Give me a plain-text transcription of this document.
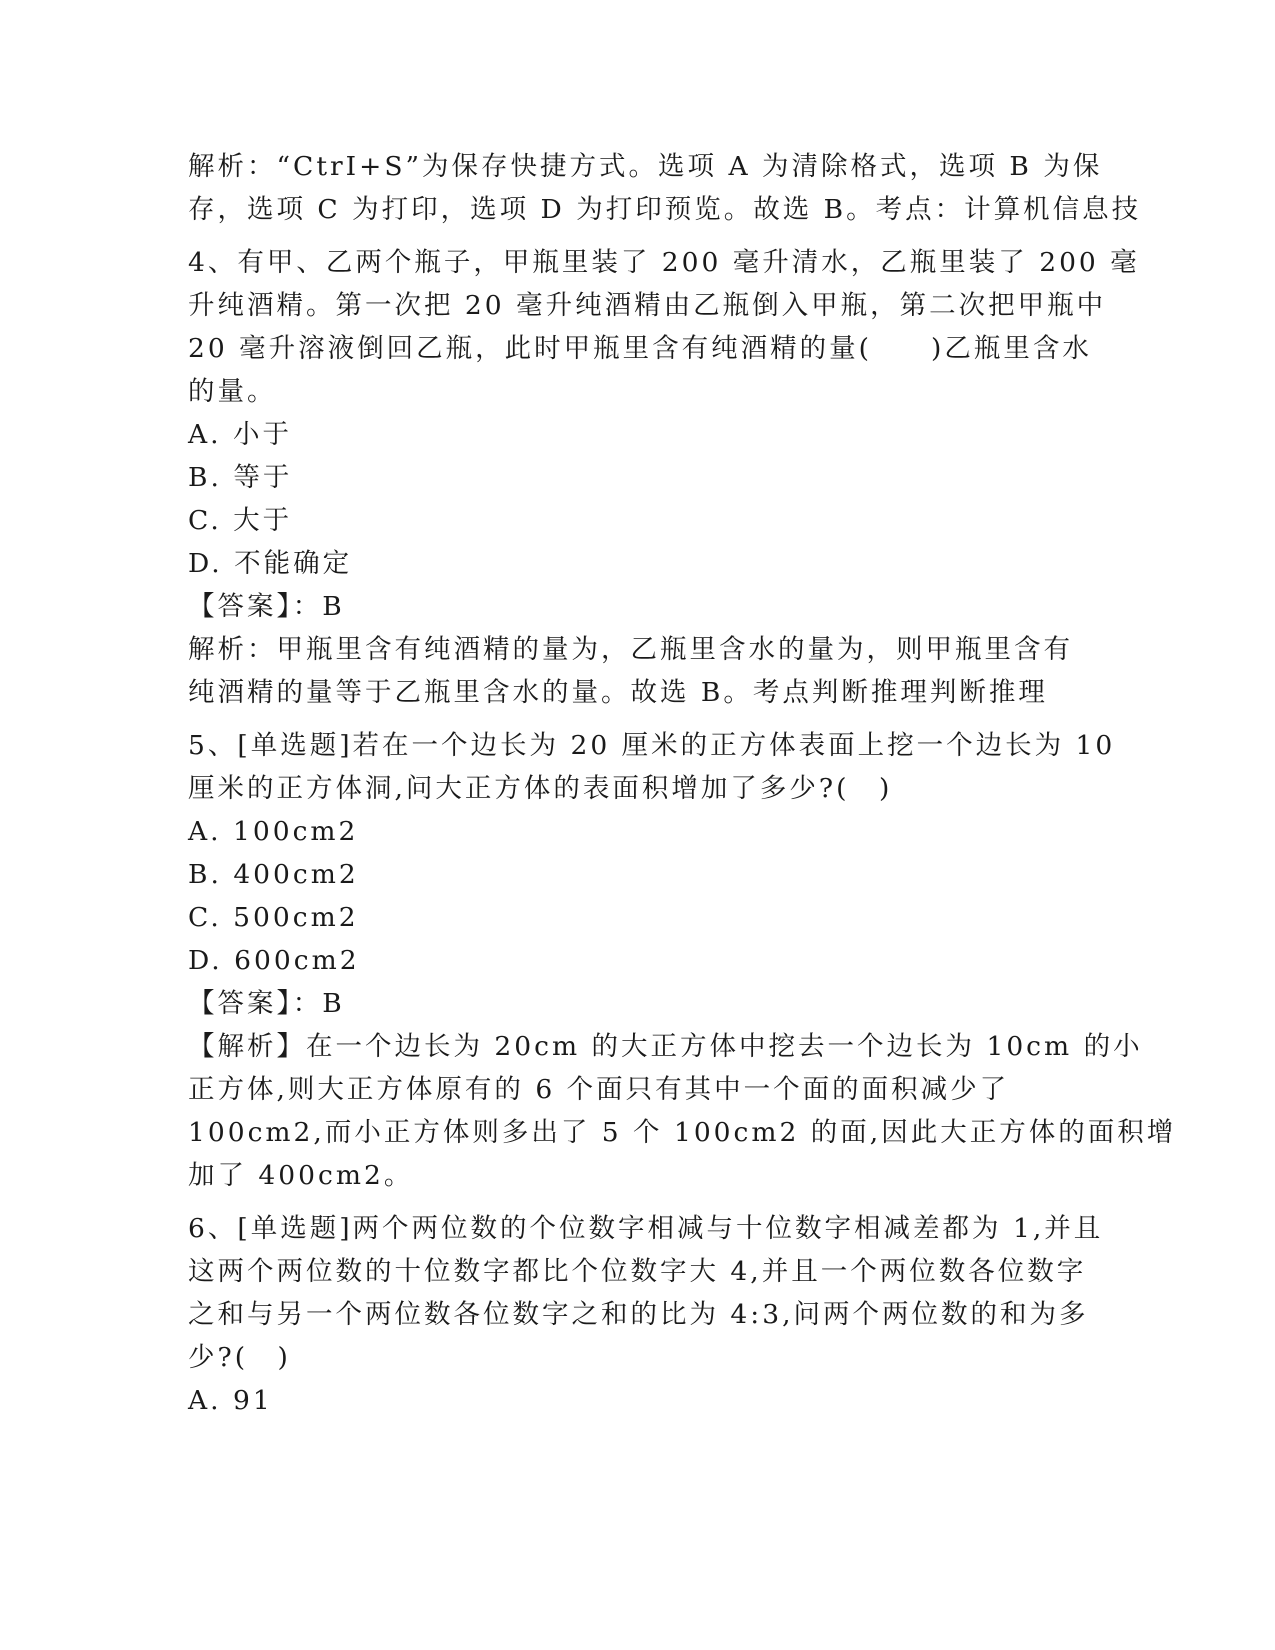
解析：“CtrI+S”为保存快捷方式。选项 A 为清除格式，选项 B 为保
存，选项 C 为打印，选项 D 为打印预览。故选 B。考点：计算机信息技
4、有甲、乙两个瓶子，甲瓶里装了 200 毫升清水，乙瓶里装了 200 毫
升纯酒精。第一次把 20 毫升纯酒精由乙瓶倒入甲瓶，第二次把甲瓶中
20 毫升溶液倒回乙瓶，此时甲瓶里含有纯酒精的量(　　)乙瓶里含水
的量。
A. 小于
B. 等于
C. 大于
D. 不能确定
【答案】：B
解析：甲瓶里含有纯酒精的量为，乙瓶里含水的量为，则甲瓶里含有
纯酒精的量等于乙瓶里含水的量。故选 B。考点判断推理判断推理
5、[单选题]若在一个边长为 20 厘米的正方体表面上挖一个边长为 10
厘米的正方体洞,问大正方体的表面积增加了多少?(　)
A. 100cm2
B. 400cm2
C. 500cm2
D. 600cm2
【答案】：B
【解析】在一个边长为 20cm 的大正方体中挖去一个边长为 10cm 的小
正方体,则大正方体原有的 6 个面只有其中一个面的面积减少了
100cm2,而小正方体则多出了 5 个 100cm2 的面,因此大正方体的面积增
加了 400cm2。
6、[单选题]两个两位数的个位数字相减与十位数字相减差都为 1,并且
这两个两位数的十位数字都比个位数字大 4,并且一个两位数各位数字
之和与另一个两位数各位数字之和的比为 4:3,问两个两位数的和为多
少?(　)
A. 91
